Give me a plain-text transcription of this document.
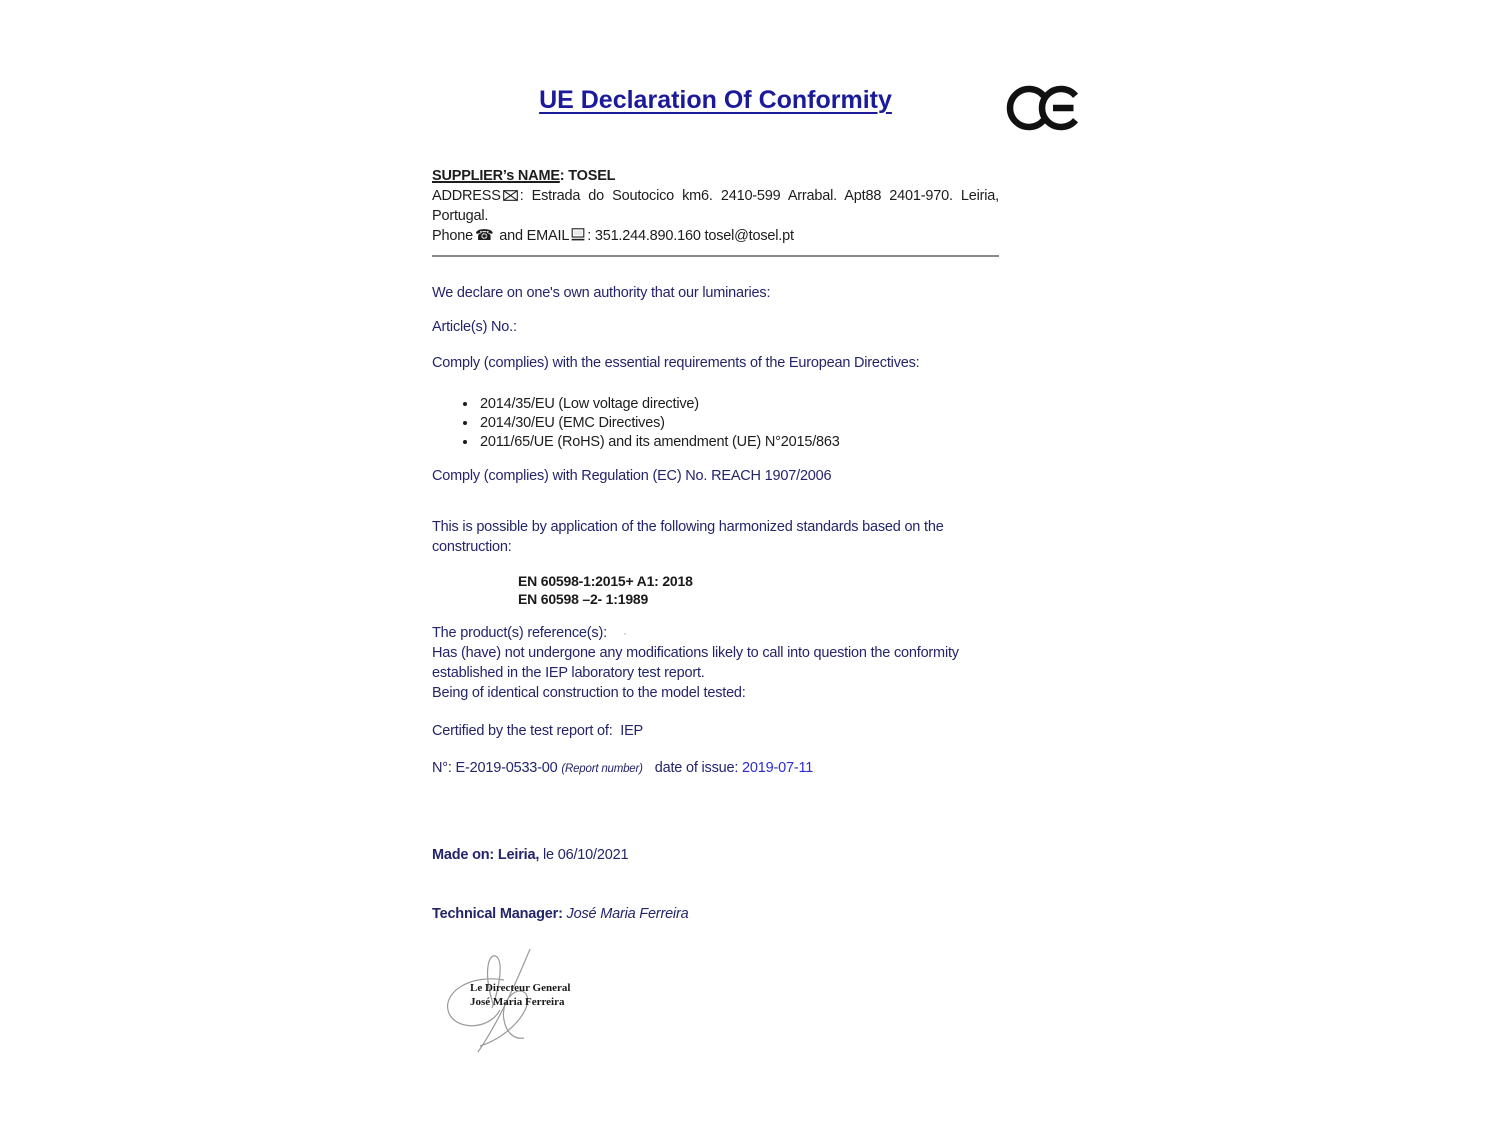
UE Declaration Of Conformity

SUPPLIER’s NAME: TOSEL

ADDRESS : Estrada do Soutocico km6. 2410-599 Arrabal. Apt88 2401-970. Leiria, Portugal.

Phone ☎ and EMAIL : 351.244.890.160 tosel@tosel.pt

We declare on one's own authority that our luminaries:

Article(s) No.:

Comply (complies) with the essential requirements of the European Directives:

• 2014/35/EU (Low voltage directive)
• 2014/30/EU (EMC Directives)
• 2011/65/UE (RoHS) and its amendment (UE) N°2015/863

Comply (complies) with Regulation (EC) No. REACH 1907/2006

This is possible by application of the following harmonized standards based on the construction:

EN 60598-1:2015+ A1: 2018
EN 60598 –2- 1:1989

The product(s) reference(s): ·
Has (have) not undergone any modifications likely to call into question the conformity established in the IEP laboratory test report.
Being of identical construction to the model tested:

Certified by the test report of:  IEP

N°: E-2019-0533-00 (Report number) date of issue: 2019-07-11

Made on: Leiria, le 06/10/2021

Technical Manager: José Maria Ferreira

Le Directeur General
José Maria Ferreira
